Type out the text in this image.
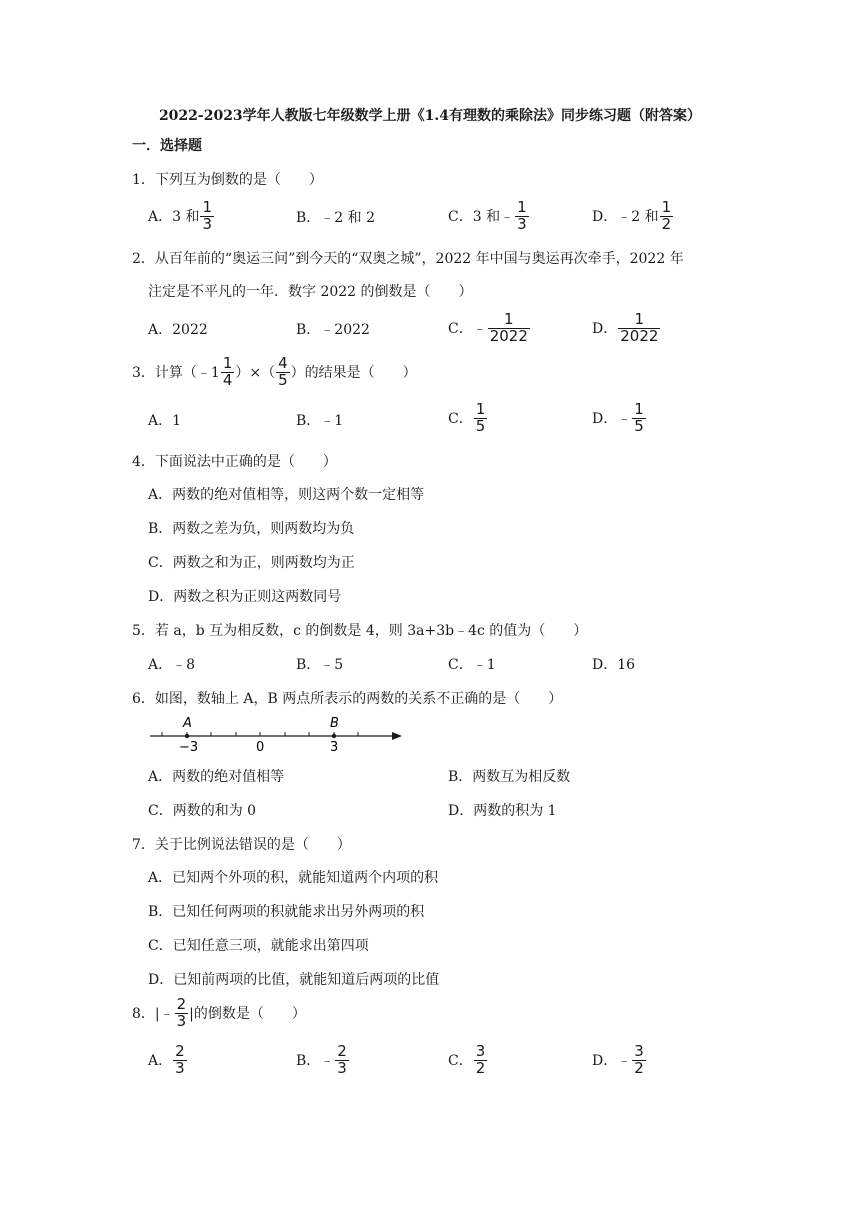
2022-2023学年人教版七年级数学上册《1.4有理数的乘除法》同步练习题（附答案）
一．选择题
1．下列互为倒数的是（　　）
A． 3 和 $\frac{1}{3}$	B．﹣2 和 2	C． 3 和﹣ $\frac{1}{3}$	D． ﹣2 和 $\frac{1}{2}$
2．从百年前的“奥运三问”到今天的“双奥之城”，2022 年中国与奥运再次牵手，2022 年
注定是不平凡的一年．数字 2022 的倒数是（　　）
A．2022	B．﹣2022	C． ﹣ $\frac{1}{2022}$	D． $\frac{1}{2022}$
3．计算（﹣1 $\frac{1}{4}$ ）×（ $\frac{4}{5}$ ）的结果是（　　）
A．1	B．﹣1	C． $\frac{1}{5}$	D． ﹣ $\frac{1}{5}$
4．下面说法中正确的是（　　）
A．两数的绝对值相等，则这两个数一定相等
B．两数之差为负，则两数均为负
C．两数之和为正，则两数均为正
D．两数之积为正则这两数同号
5．若 a，b 互为相反数，c 的倒数是 4，则 3a+3b﹣4c 的值为（　　）
A．﹣8	B．﹣5	C．﹣1	D．16
6．如图，数轴上 A，B 两点所表示的两数的关系不正确的是（　　）
A	B
−3	0	3
A．两数的绝对值相等	B．两数互为相反数
C．两数的和为 0	D．两数的积为 1
7．关于比例说法错误的是（　　）
A．已知两个外项的积，就能知道两个内项的积
B．已知任何两项的积就能求出另外两项的积
C．已知任意三项，就能求出第四项
D．已知前两项的比值，就能知道后两项的比值
8．|﹣ $\frac{2}{3}$ |的倒数是（　　）
A． $\frac{2}{3}$	B． ﹣ $\frac{2}{3}$	C． $\frac{3}{2}$	D． ﹣ $\frac{3}{2}$
